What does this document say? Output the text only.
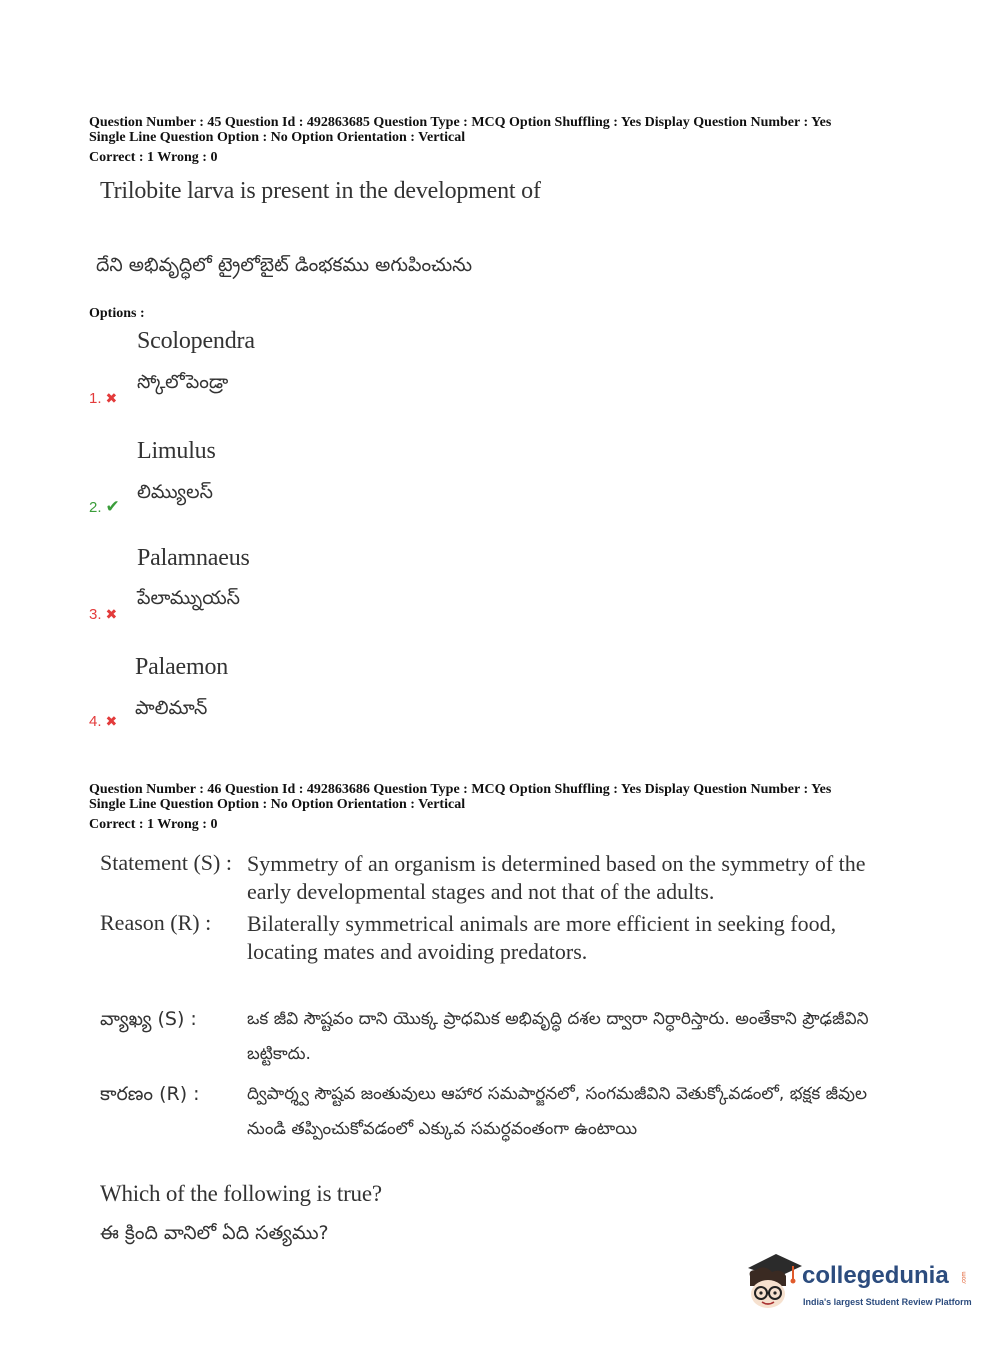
Question Number : 45 Question Id : 492863685 Question Type : MCQ Option Shuffling : Yes Display Question Number : Yes
Single Line Question Option : No Option Orientation : Vertical
Correct : 1 Wrong : 0
Trilobite larva is present in the development of
దేని అభివృద్ధిలో ట్రైలోబైట్ డింభకము అగుపించును
Options :
Scolopendra
స్కోలోపెండ్రా
1. ✖
Limulus
లిమ్యులస్
2. ✔
Palamnaeus
పేలామ్నుయస్
3. ✖
Palaemon
పాలిమాన్
4. ✖
Question Number : 46 Question Id : 492863686 Question Type : MCQ Option Shuffling : Yes Display Question Number : Yes
Single Line Question Option : No Option Orientation : Vertical
Correct : 1 Wrong : 0
Statement (S) : Symmetry of an organism is determined based on the symmetry of the early developmental stages and not that of the adults.
Reason (R) : Bilaterally symmetrical animals are more efficient in seeking food, locating mates and avoiding predators.
వ్యాఖ్య (S) :	ఒక జీవి సౌష్టవం దాని యొక్క ప్రాధమిక అభివృద్ధి దశల ద్వారా నిర్ధారిస్తారు. అంతేకాని ప్రౌఢజీవిని బట్టికాదు.
కారణం (R) :	ద్విపార్శ్వ సౌష్టవ జంతువులు ఆహార సమపార్జనలో, సంగమజీవిని వెతుక్కోవడంలో, భక్షక జీవుల నుండి తప్పించుకోవడంలో ఎక్కువ సమర్ధవంతంగా ఉంటాయి
Which of the following is true?
ఈ క్రింది వానిలో ఏది సత్యము?
collegedunia .com
India's largest Student Review Platform
